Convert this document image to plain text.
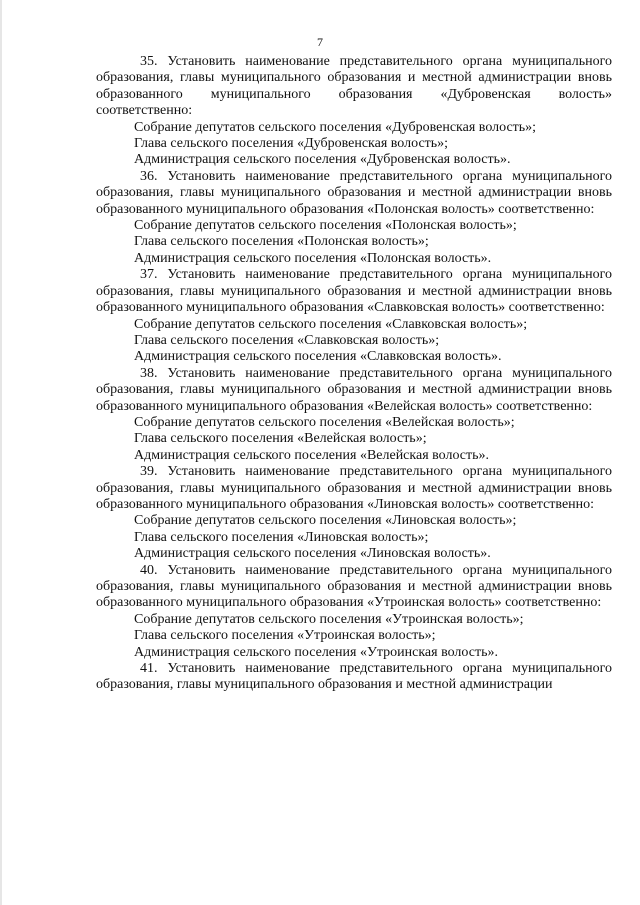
7

35. Установить наименование представительного органа муниципального образования, главы муниципального образования и местной администрации вновь образованного муниципального образования «Дубровенская волость» соответственно:

Собрание депутатов сельского поселения «Дубровенская волость»;

Глава сельского поселения «Дубровенская волость»;

Администрация сельского поселения «Дубровенская волость».

36. Установить наименование представительного органа муниципального образования, главы муниципального образования и местной администрации вновь образованного муниципального образования «Полонская волость» соответственно:

Собрание депутатов сельского поселения «Полонская волость»;

Глава сельского поселения «Полонская волость»;

Администрация сельского поселения «Полонская волость».

37. Установить наименование представительного органа муниципального образования, главы муниципального образования и местной администрации вновь образованного муниципального образования «Славковская волость» соответственно:

Собрание депутатов сельского поселения «Славковская волость»;

Глава сельского поселения «Славковская волость»;

Администрация сельского поселения «Славковская волость».

38. Установить наименование представительного органа муниципального образования, главы муниципального образования и местной администрации вновь образованного муниципального образования «Велейская волость» соответственно:

Собрание депутатов сельского поселения «Велейская волость»;

Глава сельского поселения «Велейская волость»;

Администрация сельского поселения «Велейская волость».

39. Установить наименование представительного органа муниципального образования, главы муниципального образования и местной администрации вновь образованного муниципального образования «Линовская волость» соответственно:

Собрание депутатов сельского поселения «Линовская волость»;

Глава сельского поселения «Линовская волость»;

Администрация сельского поселения «Линовская волость».

40. Установить наименование представительного органа муниципального образования, главы муниципального образования и местной администрации вновь образованного муниципального образования «Утроинская волость» соответственно:

Собрание депутатов сельского поселения «Утроинская волость»;

Глава сельского поселения «Утроинская волость»;

Администрация сельского поселения «Утроинская волость».

41. Установить наименование представительного органа муниципального образования, главы муниципального образования и местной администрации
